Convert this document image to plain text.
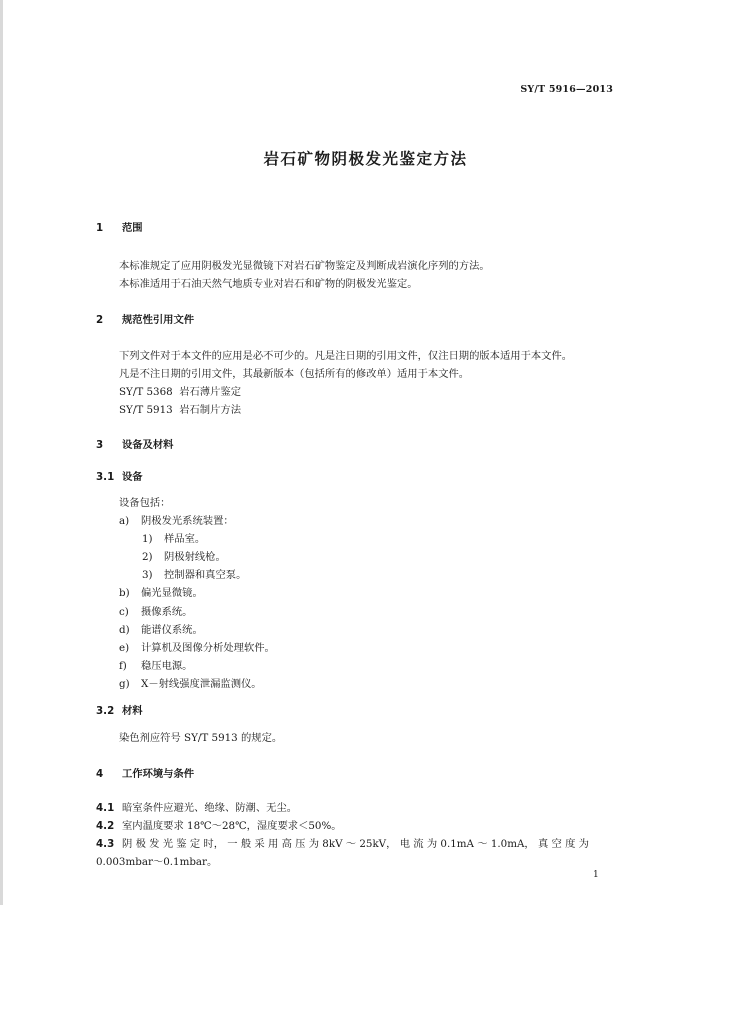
SY/T 5916—2013
岩石矿物阴极发光鉴定方法
1 范围
本标准规定了应用阴极发光显微镜下对岩石矿物鉴定及判断成岩演化序列的方法。
本标准适用于石油天然气地质专业对岩石和矿物的阴极发光鉴定。
2 规范性引用文件
下列文件对于本文件的应用是必不可少的。凡是注日期的引用文件，仅注日期的版本适用于本文件。
凡是不注日期的引用文件，其最新版本（包括所有的修改单）适用于本文件。
SY/T 5368 岩石薄片鉴定
SY/T 5913 岩石制片方法
3 设备及材料
3.1 设备
设备包括：
a) 阴极发光系统装置：
1) 样品室。
2) 阴极射线枪。
3) 控制器和真空泵。
b) 偏光显微镜。
c) 摄像系统。
d) 能谱仪系统。
e) 计算机及图像分析处理软件。
f) 稳压电源。
g) X－射线强度泄漏监测仪。
3.2 材料
染色剂应符号 SY/T 5913 的规定。
4 工作环境与条件
4.1 暗室条件应避光、绝缘、防潮、无尘。
4.2 室内温度要求 18℃～28℃，湿度要求＜50%。
4.3 阴 极 发 光 鉴 定 时， 一 般 采 用 高 压 为 8kV ～ 25kV， 电 流 为 0.1mA ～ 1.0mA， 真 空 度 为
0.003mbar～0.1mbar。
1
